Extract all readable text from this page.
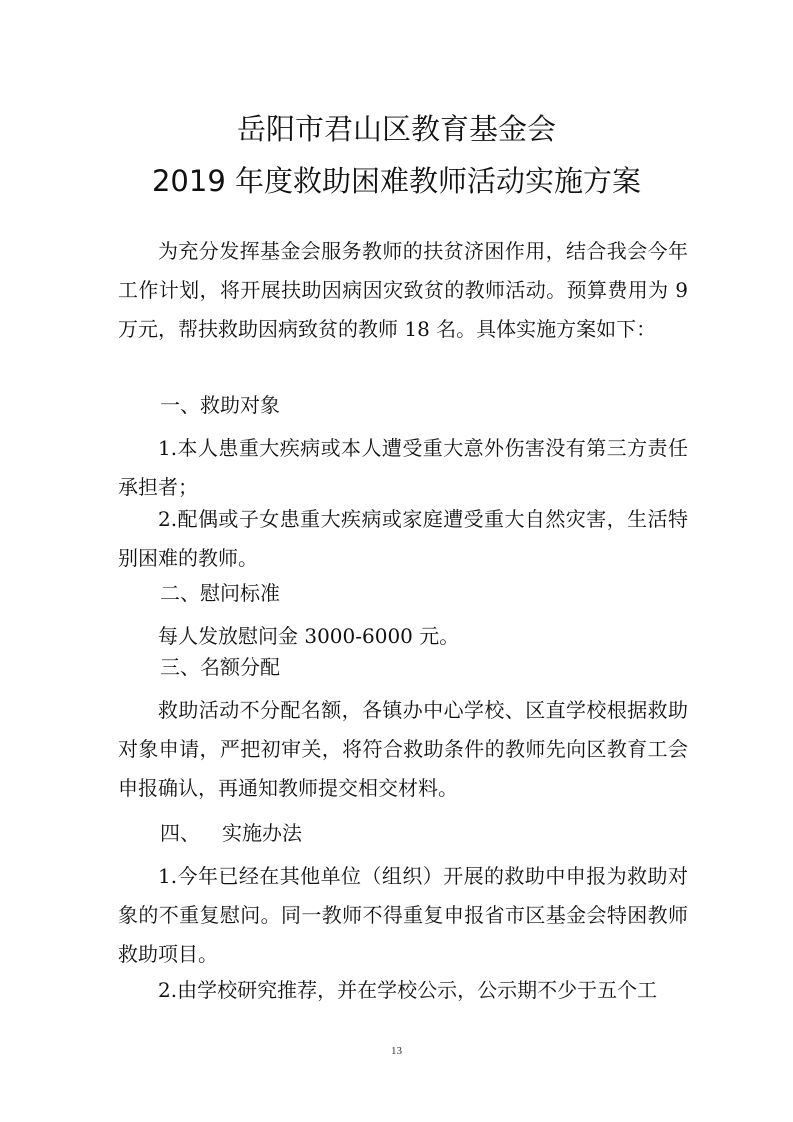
岳阳市君山区教育基金会
2019 年度救助困难教师活动实施方案
为充分发挥基金会服务教师的扶贫济困作用，结合我会今年工作计划，将开展扶助因病因灾致贫的教师活动。预算费用为 9 万元，帮扶救助因病致贫的教师 18 名。具体实施方案如下：
一、救助对象
1.本人患重大疾病或本人遭受重大意外伤害没有第三方责任承担者；
2.配偶或子女患重大疾病或家庭遭受重大自然灾害，生活特别困难的教师。
二、慰问标准
每人发放慰问金 3000-6000 元。
三、名额分配
救助活动不分配名额，各镇办中心学校、区直学校根据救助对象申请，严把初审关，将符合救助条件的教师先向区教育工会申报确认，再通知教师提交相交材料。
四、 实施办法
1.今年已经在其他单位（组织）开展的救助中申报为救助对象的不重复慰问。同一教师不得重复申报省市区基金会特困教师救助项目。
2.由学校研究推荐，并在学校公示，公示期不少于五个工
13
